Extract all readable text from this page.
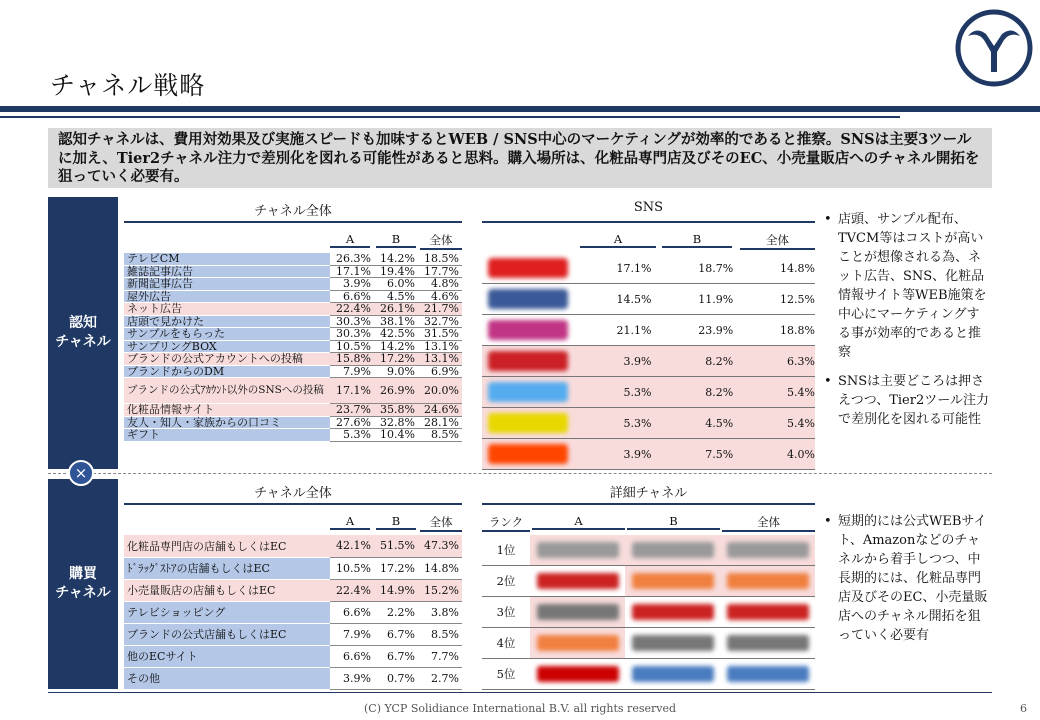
チャネル戦略
認知チャネルは、費用対効果及び実施スピードも加味するとWEB / SNS中心のマーケティングが効率的であると推察。SNSは主要3ツールに加え、Tier2チャネル注力で差別化を図れる可能性があると思料。購入場所は、化粧品専門店及びそのEC、小売量販店へのチャネル開拓を狙っていく必要有。
認知
チャネル
購買
チャネル
×
チャネル全体
A	B	全体
テレビCM	26.3%	14.2%	18.5%
雑誌記事広告	17.1%	19.4%	17.7%
新聞記事広告	3.9%	6.0%	4.8%
屋外広告	6.6%	4.5%	4.6%
ネット広告	22.4%	26.1%	21.7%
店頭で見かけた	30.3%	38.1%	32.7%
サンプルをもらった	30.3%	42.5%	31.5%
サンプリングBOX	10.5%	14.2%	13.1%
ブランドの公式アカウントへの投稿	15.8%	17.2%	13.1%
ブランドからのDM	7.9%	9.0%	6.9%
ブランドの公式ｱｶｳﾝﾄ以外のSNSへの投稿	17.1%	26.9%	20.0%
化粧品情報サイト	23.7%	35.8%	24.6%
友人・知人・家族からの口コミ	27.6%	32.8%	28.1%
ギフト	5.3%	10.4%	8.5%
SNS
A	B	全体
17.1%	18.7%	14.8%
14.5%	11.9%	12.5%
21.1%	23.9%	18.8%
3.9%	8.2%	6.3%
5.3%	8.2%	5.4%
5.3%	4.5%	5.4%
3.9%	7.5%	4.0%
• 店頭、サンプル配布、TVCM等はコストが高いことが想像される為、ネット広告、SNS、化粧品情報サイト等WEB施策を中心にマーケティングする事が効率的であると推察
• SNSは主要どころは押さえつつ、Tier2ツール注力で差別化を図れる可能性
チャネル全体
A	B	全体
化粧品専門店の店舗もしくはEC	42.1%	51.5%	47.3%
ﾄﾞﾗｯｸﾞｽﾄｱの店舗もしくはEC	10.5%	17.2%	14.8%
小売量販店の店舗もしくはEC	22.4%	14.9%	15.2%
テレビショッピング	6.6%	2.2%	3.8%
ブランドの公式店舗もしくはEC	7.9%	6.7%	8.5%
他のECサイト	6.6%	6.7%	7.7%
その他	3.9%	0.7%	2.7%
詳細チャネル
ランク	A	B	全体
1位
2位
3位
4位
5位
• 短期的には公式WEBサイト、Amazonなどのチャネルから着手しつつ、中長期的には、化粧品専門店及びそのEC、小売量販店へのチャネル開拓を狙っていく必要有
(C) YCP Solidiance International B.V. all rights reserved	6
